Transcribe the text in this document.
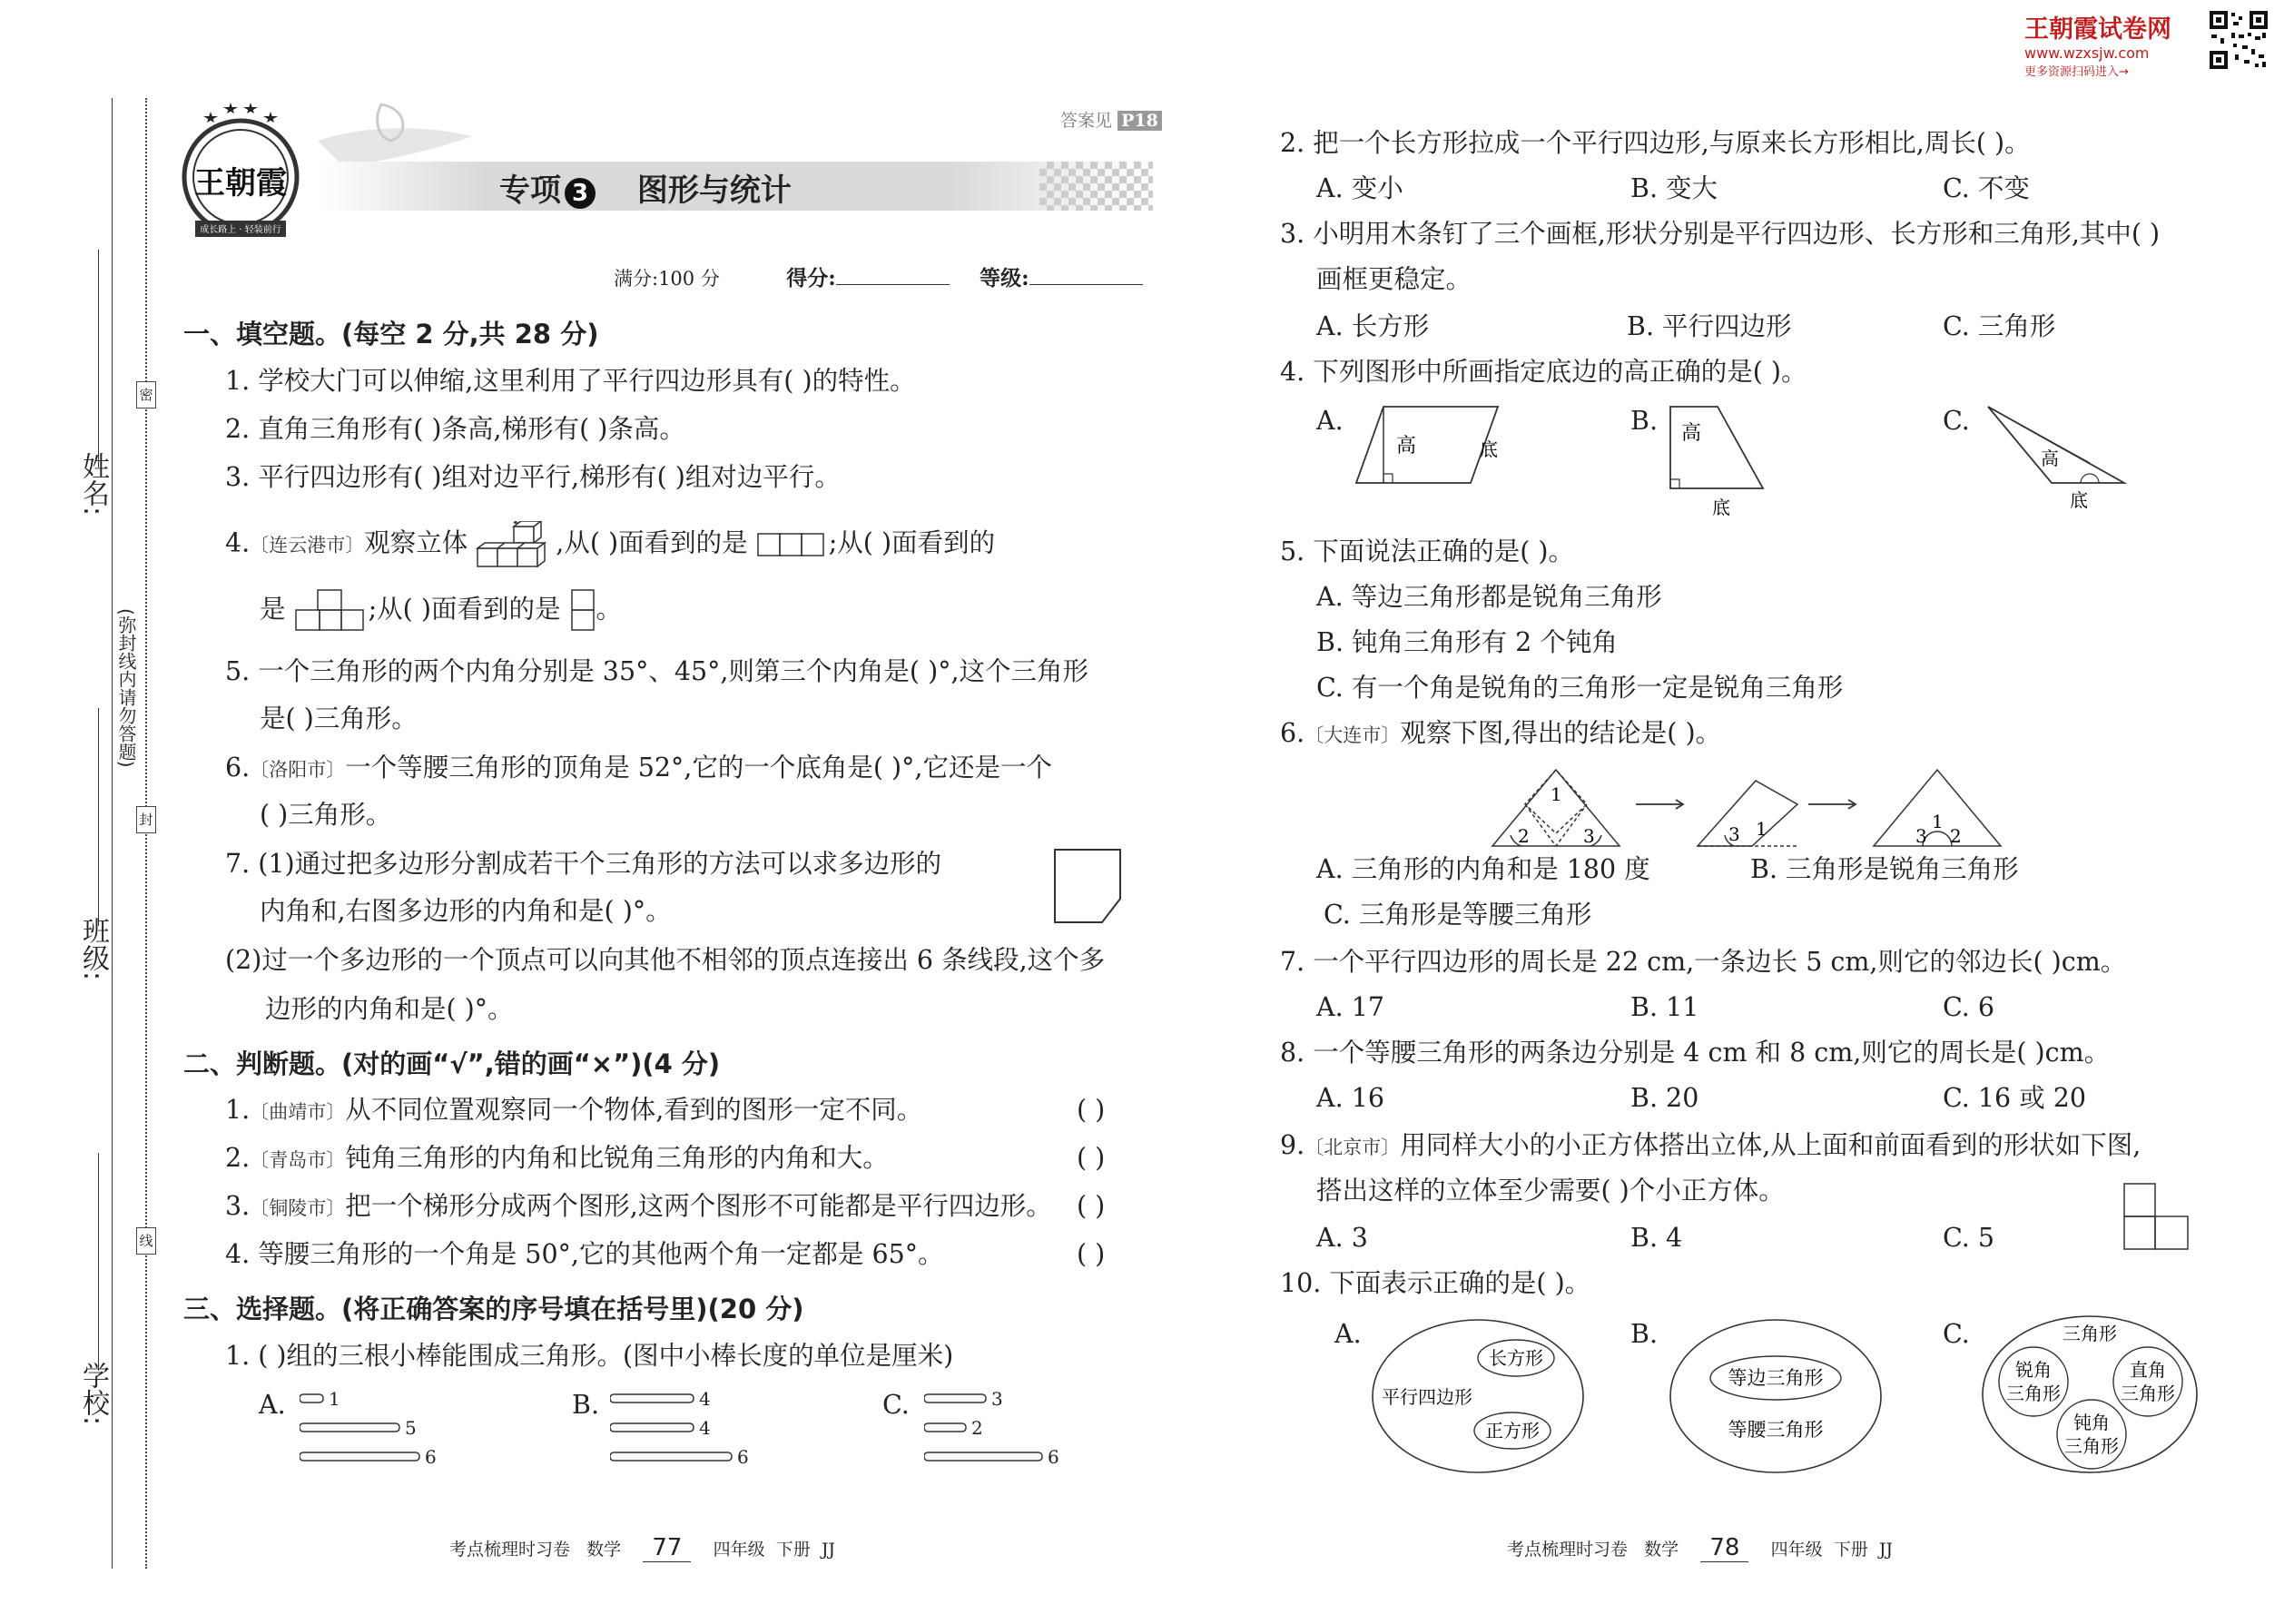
姓名:
班级:
学校:
(弥封线内请勿答题)
密
封
线
成长路上 · 轻装前行
王朝霞
答案见 P18
专项 3 图形与统计
满分:100 分	得分:	等级:
一、填空题。(每空 2 分,共 28 分)
1. 学校大门可以伸缩,这里利用了平行四边形具有( )的特性。
2. 直角三角形有( )条高,梯形有( )条高。
3. 平行四边形有( )组对边平行,梯形有( )组对边平行。
4.〔连云港市〕观察立体	,从( )面看到的是	;从( )面看到的
是	;从( )面看到的是 。
5. 一个三角形的两个内角分别是 35°、45°,则第三个内角是( )°,这个三角形
是( )三角形。
6.〔洛阳市〕一个等腰三角形的顶角是 52°,它的一个底角是( )°,它还是一个
( )三角形。
7. (1)通过把多边形分割成若干个三角形的方法可以求多边形的
内角和,右图多边形的内角和是( )°。
(2)过一个多边形的一个顶点可以向其他不相邻的顶点连接出 6 条线段,这个多
边形的内角和是( )°。
二、判断题。(对的画“√”,错的画“×”)(4 分)
1.〔曲靖市〕从不同位置观察同一个物体,看到的图形一定不同。	( )
2.〔青岛市〕钝角三角形的内角和比锐角三角形的内角和大。	( )
3.〔铜陵市〕把一个梯形分成两个图形,这两个图形不可能都是平行四边形。 ( )
4. 等腰三角形的一个角是 50°,它的其他两个角一定都是 65°。	( )
三、选择题。(将正确答案的序号填在括号里)(20 分)
1. ( )组的三根小棒能围成三角形。(图中小棒长度的单位是厘米)
A. 1
5
6
B.	4
4
6
C.	3
2
6
考点梳理时习卷 数学 77 四年级 下册 JJ
王朝霞试卷网
www.wzxsjw.com
更多资源扫码进入→
2. 把一个长方形拉成一个平行四边形,与原来长方形相比,周长( )。
A. 变小	B. 变大	C. 不变
3. 小明用木条钉了三个画框,形状分别是平行四边形、长方形和三角形,其中( )
画框更稳定。
A. 长方形	B. 平行四边形	C. 三角形
4. 下列图形中所画指定底边的高正确的是( )。
A.
高	底
B. 高
底
C.
高
底
5. 下面说法正确的是( )。
A. 等边三角形都是锐角三角形
B. 钝角三角形有 2 个钝角
C. 有一个角是锐角的三角形一定是锐角三角形
6.〔大连市〕观察下图,得出的结论是( )。
1
2	3	3 1	3
1
2
A. 三角形的内角和是 180 度	B. 三角形是锐角三角形
C. 三角形是等腰三角形
7. 一个平行四边形的周长是 22 cm,一条边长 5 cm,则它的邻边长( )cm。
A. 17	B. 11	C. 6
8. 一个等腰三角形的两条边分别是 4 cm 和 8 cm,则它的周长是( )cm。
A. 16	B. 20	C. 16 或 20
9.〔北京市〕用同样大小的小正方体搭出立体,从上面和前面看到的形状如下图,
搭出这样的立体至少需要( )个小正方体。
A. 3	B. 4	C. 5
10. 下面表示正确的是( )。
A.
长方形
正方形
平行四边形
B.
等边三角形
等腰三角形
C.	三角形
锐角
三角形
直角
三角形
钝角
三角形
考点梳理时习卷 数学 78 四年级 下册 JJ
